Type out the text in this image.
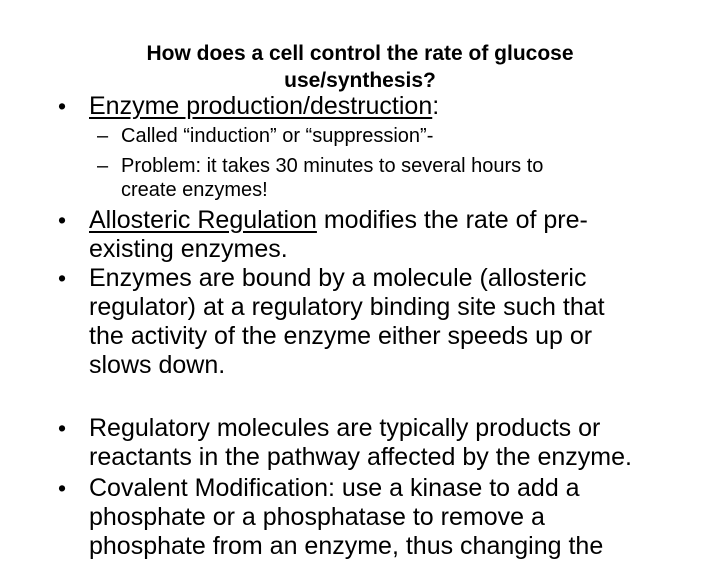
How does a cell control the rate of glucose
use/synthesis?
• Enzyme production/destruction:
– Called “induction” or “suppression”-
– Problem: it takes 30 minutes to several hours to
create enzymes!
• Allosteric Regulation modifies the rate of pre-
existing enzymes.
• Enzymes are bound by a molecule (allosteric
regulator) at a regulatory binding site such that
the activity of the enzyme either speeds up or
slows down.
• Regulatory molecules are typically products or
reactants in the pathway affected by the enzyme.
• Covalent Modification: use a kinase to add a
phosphate or a phosphatase to remove a
phosphate from an enzyme, thus changing the
